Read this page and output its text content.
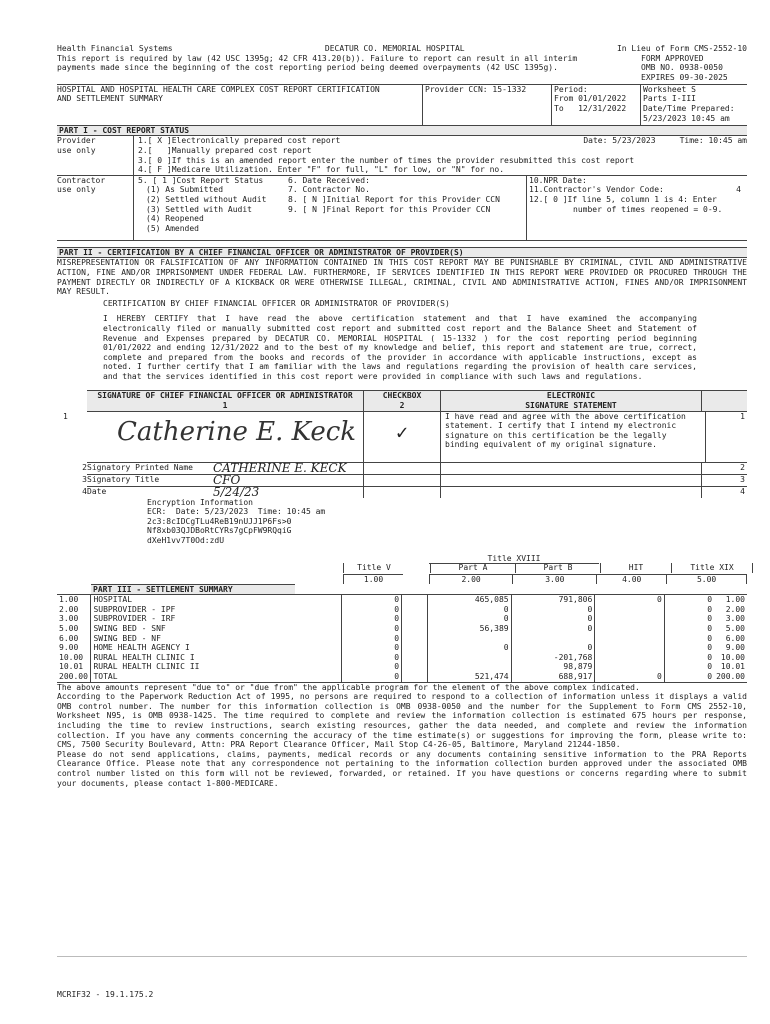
Health Financial Systems	DECATUR CO. MEMORIAL HOSPITAL	In Lieu of Form CMS-2552-10
This report is required by law (42 USC 1395g; 42 CFR 413.20(b)). Failure to report can result in all interim
payments made since the beginning of the cost reporting period being deemed overpayments (42 USC 1395g).
FORM APPROVED
OMB NO. 0938-0050
EXPIRES 09-30-2025
HOSPITAL AND HOSPITAL HEALTH CARE COMPLEX COST REPORT CERTIFICATION
AND SETTLEMENT SUMMARY
Provider CCN: 15-1332	Period:
From 01/01/2022
To   12/31/2022
Worksheet S
Parts I-III
Date/Time Prepared:
5/23/2023 10:45 am
PART I - COST REPORT STATUS
Provider
use only
1.[ X ]Electronically prepared cost report	Date: 5/23/2023	Time: 10:45 am
2.[   ]Manually prepared cost report
3.[ 0 ]If this is an amended report enter the number of times the provider resubmitted this cost report
4.[ F ]Medicare Utilization. Enter "F" for full, "L" for low, or "N" for no.
Contractor
use only
5. [ 1 ]Cost Report Status
(1) As Submitted
(2) Settled without Audit
(3) Settled with Audit
(4) Reopened
(5) Amended
6. Date Received:
7. Contractor No.
8. [ N ]Initial Report for this Provider CCN
9. [ N ]Final Report for this Provider CCN
10.NPR Date:
11.Contractor's Vendor Code:	4
12.[ 0 ]If line 5, column 1 is 4: Enter
number of times reopened = 0-9.
PART II - CERTIFICATION BY A CHIEF FINANCIAL OFFICER OR ADMINISTRATOR OF PROVIDER(S)
MISREPRESENTATION OR FALSIFICATION OF ANY INFORMATION CONTAINED IN THIS COST REPORT MAY BE PUNISHABLE BY CRIMINAL, CIVIL AND ADMINISTRATIVE ACTION, FINE AND/OR IMPRISONMENT UNDER FEDERAL LAW. FURTHERMORE, IF SERVICES IDENTIFIED IN THIS REPORT WERE PROVIDED OR PROCURED THROUGH THE PAYMENT DIRECTLY OR INDIRECTLY OF A KICKBACK OR WERE OTHERWISE ILLEGAL, CRIMINAL, CIVIL AND ADMINISTRATIVE ACTION, FINES AND/OR IMPRISONMENT MAY RESULT.
CERTIFICATION BY CHIEF FINANCIAL OFFICER OR ADMINISTRATOR OF PROVIDER(S)
I HEREBY CERTIFY that I have read the above certification statement and that I have examined the accompanying electronically filed or manually submitted cost report and submitted cost report and the Balance Sheet and Statement of Revenue and Expenses prepared by DECATUR CO. MEMORIAL HOSPITAL ( 15-1332 ) for the cost reporting period beginning 01/01/2022 and ending 12/31/2022 and to the best of my knowledge and belief, this report and statement are true, correct, complete and prepared from the books and records of the provider in accordance with applicable instructions, except as noted. I further certify that I am familiar with the laws and regulations regarding the provision of health care services, and that the services identified in this cost report were provided in compliance with such laws and regulations.
SIGNATURE OF CHIEF FINANCIAL OFFICER OR ADMINISTRATOR
1
CHECKBOX
2
ELECTRONIC
SIGNATURE STATEMENT
1
Catherine E. Keck	✓
I have read and agree with the above certification statement. I certify that I intend my electronic signature on this certification be the legally binding equivalent of my original signature.
1
2 Signatory Printed Name	CATHERINE E. KECK	2
3 Signatory Title	CFO	3
4 Date	5/24/23	4
Encryption Information
ECR:  Date: 5/23/2023  Time: 10:45 am
2c3:8cIDCgTLu4ReB19nUJJ1P6Fs>0
Nf8xb03QJDBoRtCYRs7gCpFW9RQqiG
dXeH1vv7T0Od:zdU
Title XVIII
Title V	Part A	Part B	HIT	Title XIX
1.00	2.00	3.00	4.00	5.00
PART III - SETTLEMENT SUMMARY
1.00	HOSPITAL	0		465,085	791,806	0	0	1.00
2.00	SUBPROVIDER - IPF	0		0	0		0	2.00
3.00	SUBPROVIDER - IRF	0		0	0		0	3.00
5.00	SWING BED - SNF	0		56,389	0		0	5.00
6.00	SWING BED - NF	0					0	6.00
9.00	HOME HEALTH AGENCY I	0		0	0		0	9.00
10.00	RURAL HEALTH CLINIC I	0			-201,768		0	10.00
10.01	RURAL HEALTH CLINIC II	0			98,879		0	10.01
200.00	TOTAL	0		521,474	688,917	0	0	200.00
The above amounts represent "due to" or "due from" the applicable program for the element of the above complex indicated.
According to the Paperwork Reduction Act of 1995, no persons are required to respond to a collection of information unless it displays a valid OMB control number. The number for this information collection is OMB 0938-0050 and the number for the Supplement to Form CMS 2552-10, Worksheet N95, is OMB 0938-1425. The time required to complete and review the information collection is estimated 675 hours per response, including the time to review instructions, search existing resources, gather the data needed, and complete and review the information collection. If you have any comments concerning the accuracy of the time estimate(s) or suggestions for improving the form, please write to: CMS, 7500 Security Boulevard, Attn: PRA Report Clearance Officer, Mail Stop C4-26-05, Baltimore, Maryland 21244-1850.
Please do not send applications, claims, payments, medical records or any documents containing sensitive information to the PRA Reports Clearance Office. Please note that any correspondence not pertaining to the information collection burden approved under the associated OMB control number listed on this form will not be reviewed, forwarded, or retained. If you have questions or concerns regarding where to submit your documents, please contact 1-800-MEDICARE.
MCRIF32 - 19.1.175.2
